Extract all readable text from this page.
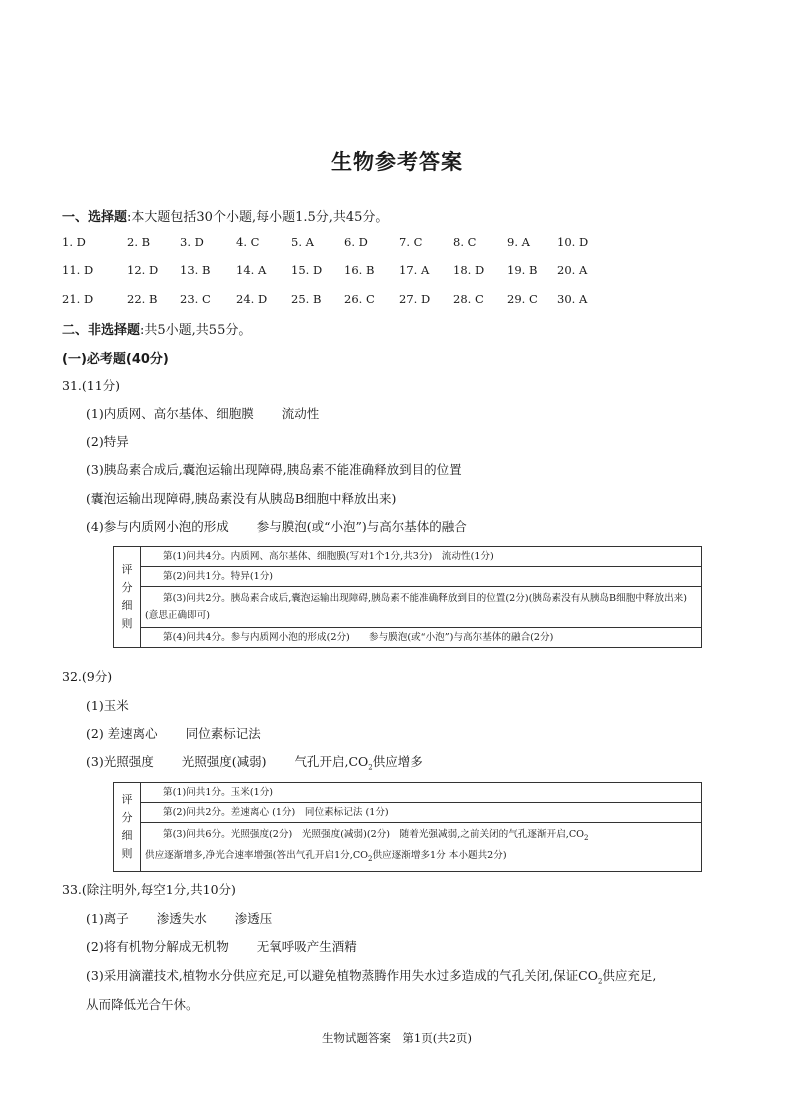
生物参考答案
一、选择题:本大题包括30个小题,每小题1.5分,共45分。
1. D	2. B	3. D	4. C	5. A	6. D	7. C	8. C	9. A 10. D
11. D	12. D 13. B 14. A 15. D 16. B 17. A 18. D 19. B 20. A
21. D	22. B 23. C 24. D 25. B 26. C 27. D 28. C 29. C 30. A
二、非选择题:共5小题,共55分。
(一)必考题(40分)
31.(11分)
(1)内质网、高尔基体、细胞膜 流动性
(2)特异
(3)胰岛素合成后,囊泡运输出现障碍,胰岛素不能准确释放到目的位置
(囊泡运输出现障碍,胰岛素没有从胰岛B细胞中释放出来)
(4)参与内质网小泡的形成 参与膜泡(或“小泡”)与高尔基体的融合
评
分
细
则
	第(1)问共4分。内质网、高尔基体、细胞膜(写对1个1分,共3分)　流动性(1分)
第(2)问共1分。特异(1分)
第(3)问共2分。胰岛素合成后,囊泡运输出现障碍,胰岛素不能准确释放到目的位置(2分)(胰岛素没有从胰岛B细胞中释放出来)(意思正确即可)
第(4)问共4分。参与内质网小泡的形成(2分)　　参与膜泡(或“小泡”)与高尔基体的融合(2分)
32.(9分)
(1)玉米
(2) 差速离心 同位素标记法
(3)光照强度 光照强度(减弱) 气孔开启$,CO_2$供应增多
评
分
细
则
	第(1)问共1分。玉米(1分)
第(2)问共2分。差速离心 (1分)　同位素标记法 (1分)

第(3)问共6分。光照强度(2分)　光照强度(减弱)(2分)　随着光强减弱,之前关闭的气孔逐渐开启$,CO_2$
供应逐渐增多,净光合速率增强(答出气孔开启1分$,CO_2$供应逐渐增多1分 本小题共2分)
33.(除注明外,每空1分,共10分)
(1)离子 渗透失水 渗透压
(2)将有机物分解成无机物 无氧呼吸产生酒精
(3)采用滴灌技术,植物水分供应充足,可以避免植物蒸腾作用失水过多造成的气孔关闭,保证$CO_2$供应充足,
从而降低光合午休。
生物试题答案　第1页(共2页)
